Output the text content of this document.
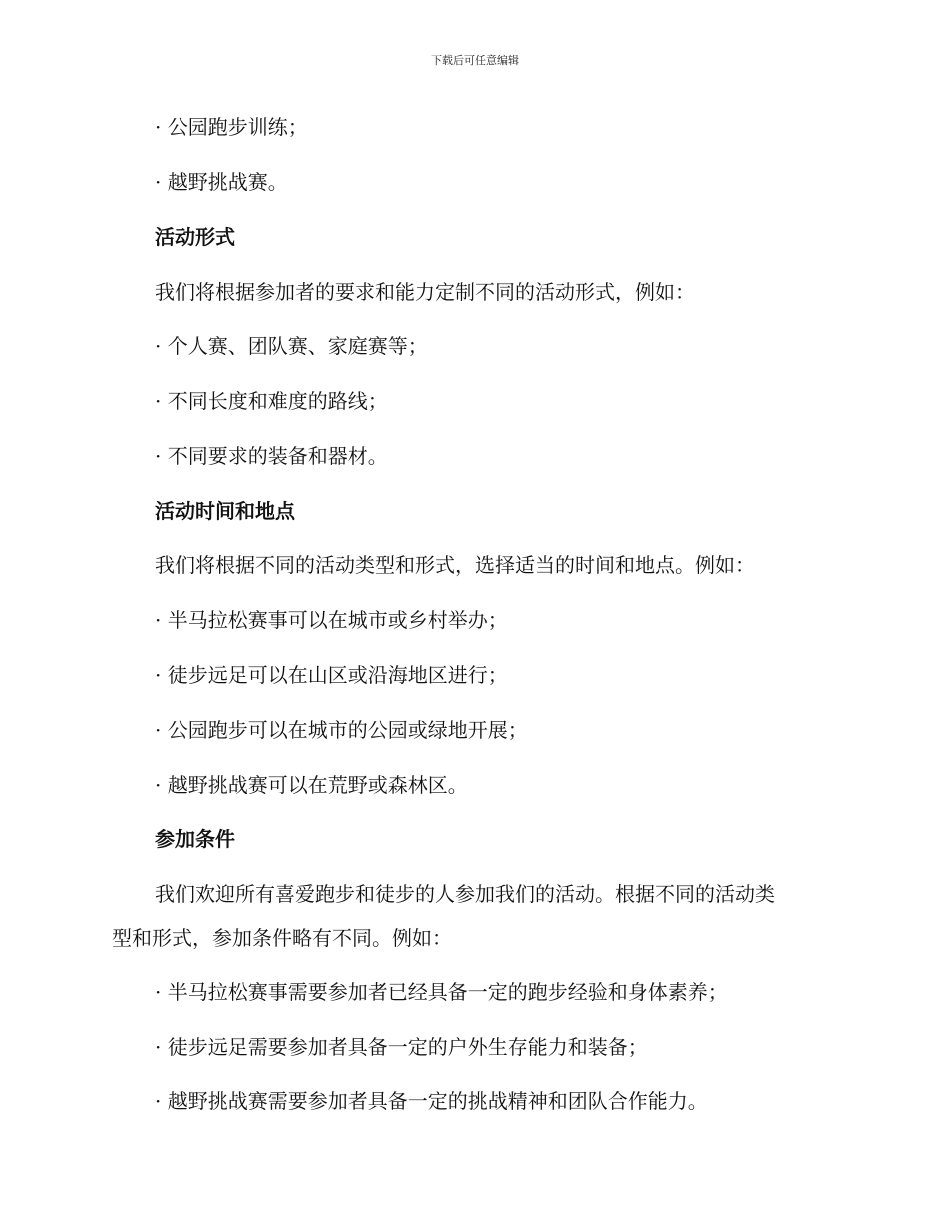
下载后可任意编辑
· 公园跑步训练；
· 越野挑战赛。
活动形式
我们将根据参加者的要求和能力定制不同的活动形式，例如：
· 个人赛、团队赛、家庭赛等；
· 不同长度和难度的路线；
· 不同要求的装备和器材。
活动时间和地点
我们将根据不同的活动类型和形式，选择适当的时间和地点。例如：
· 半马拉松赛事可以在城市或乡村举办；
· 徒步远足可以在山区或沿海地区进行；
· 公园跑步可以在城市的公园或绿地开展；
· 越野挑战赛可以在荒野或森林区。
参加条件
我们欢迎所有喜爱跑步和徒步的人参加我们的活动。根据不同的活动类
型和形式，参加条件略有不同。例如：
· 半马拉松赛事需要参加者已经具备一定的跑步经验和身体素养；
· 徒步远足需要参加者具备一定的户外生存能力和装备；
· 越野挑战赛需要参加者具备一定的挑战精神和团队合作能力。
